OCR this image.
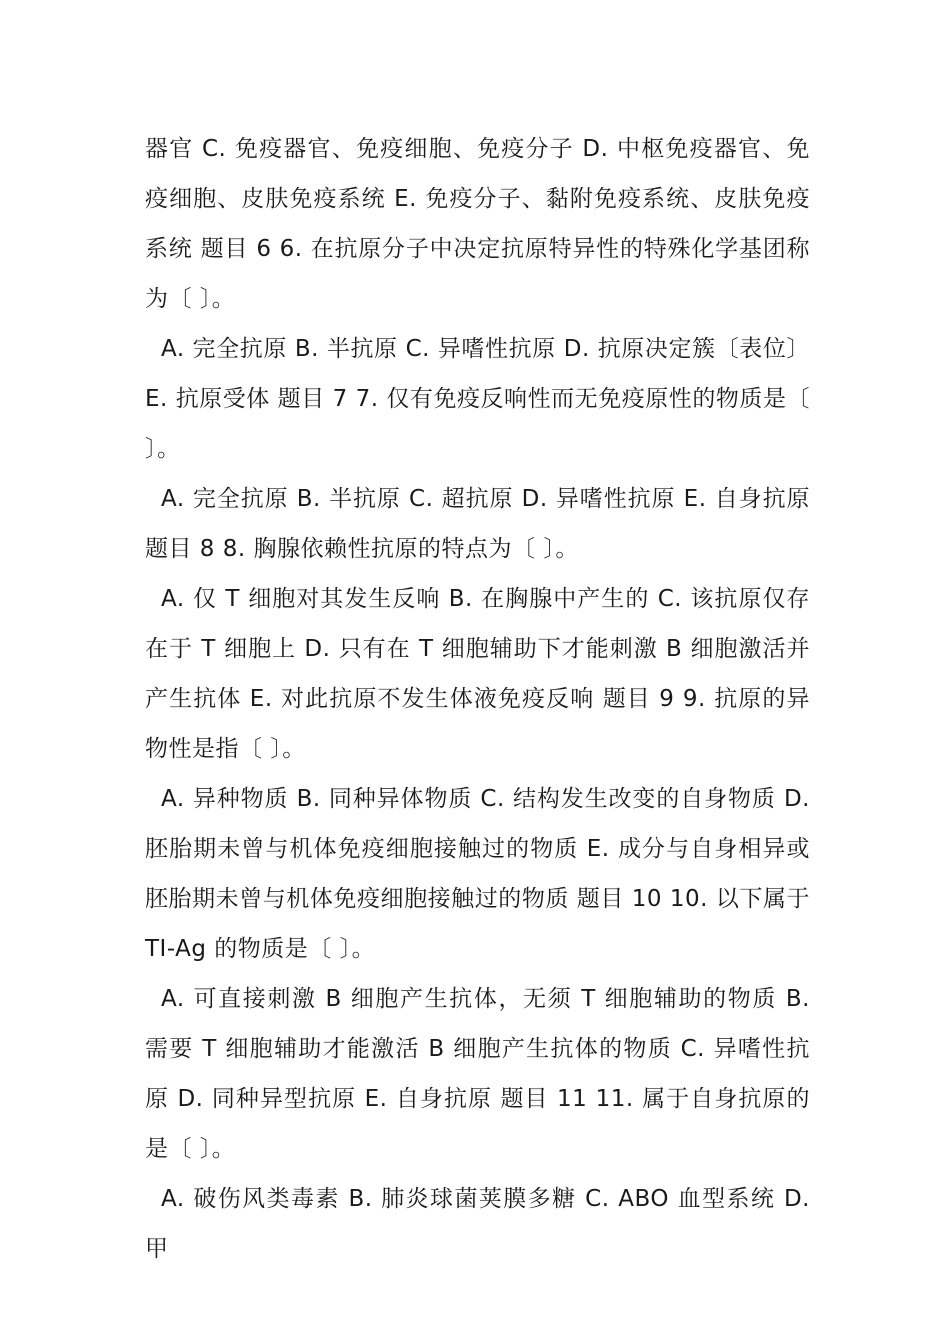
器官 C. 免疫器官、免疫细胞、免疫分子 D. 中枢免疫器官、免疫细胞、皮肤免疫系统 E. 免疫分子、黏附免疫系统、皮肤免疫系统 题目 6 6. 在抗原分子中决定抗原特异性的特殊化学基团称为〔 〕。

A. 完全抗原 B. 半抗原 C. 异嗜性抗原 D. 抗原决定簇〔表位〕 E. 抗原受体 题目 7 7. 仅有免疫反响性而无免疫原性的物质是〔 〕。

A. 完全抗原 B. 半抗原 C. 超抗原 D. 异嗜性抗原 E. 自身抗原 题目 8 8. 胸腺依赖性抗原的特点为〔 〕。

A. 仅 T 细胞对其发生反响 B. 在胸腺中产生的 C. 该抗原仅存在于 T 细胞上 D. 只有在 T 细胞辅助下才能刺激 B 细胞激活并产生抗体 E. 对此抗原不发生体液免疫反响 题目 9 9. 抗原的异物性是指〔 〕。

A. 异种物质 B. 同种异体物质 C. 结构发生改变的自身物质 D. 胚胎期未曾与机体免疫细胞接触过的物质 E. 成分与自身相异或胚胎期未曾与机体免疫细胞接触过的物质 题目 10 10. 以下属于 TI-Ag 的物质是〔 〕。

A. 可直接刺激 B 细胞产生抗体，无须 T 细胞辅助的物质 B. 需要 T 细胞辅助才能激活 B 细胞产生抗体的物质 C. 异嗜性抗原 D. 同种异型抗原 E. 自身抗原 题目 11 11. 属于自身抗原的是〔 〕。

A. 破伤风类毒素 B. 肺炎球菌荚膜多糖 C. ABO 血型系统 D. 甲
